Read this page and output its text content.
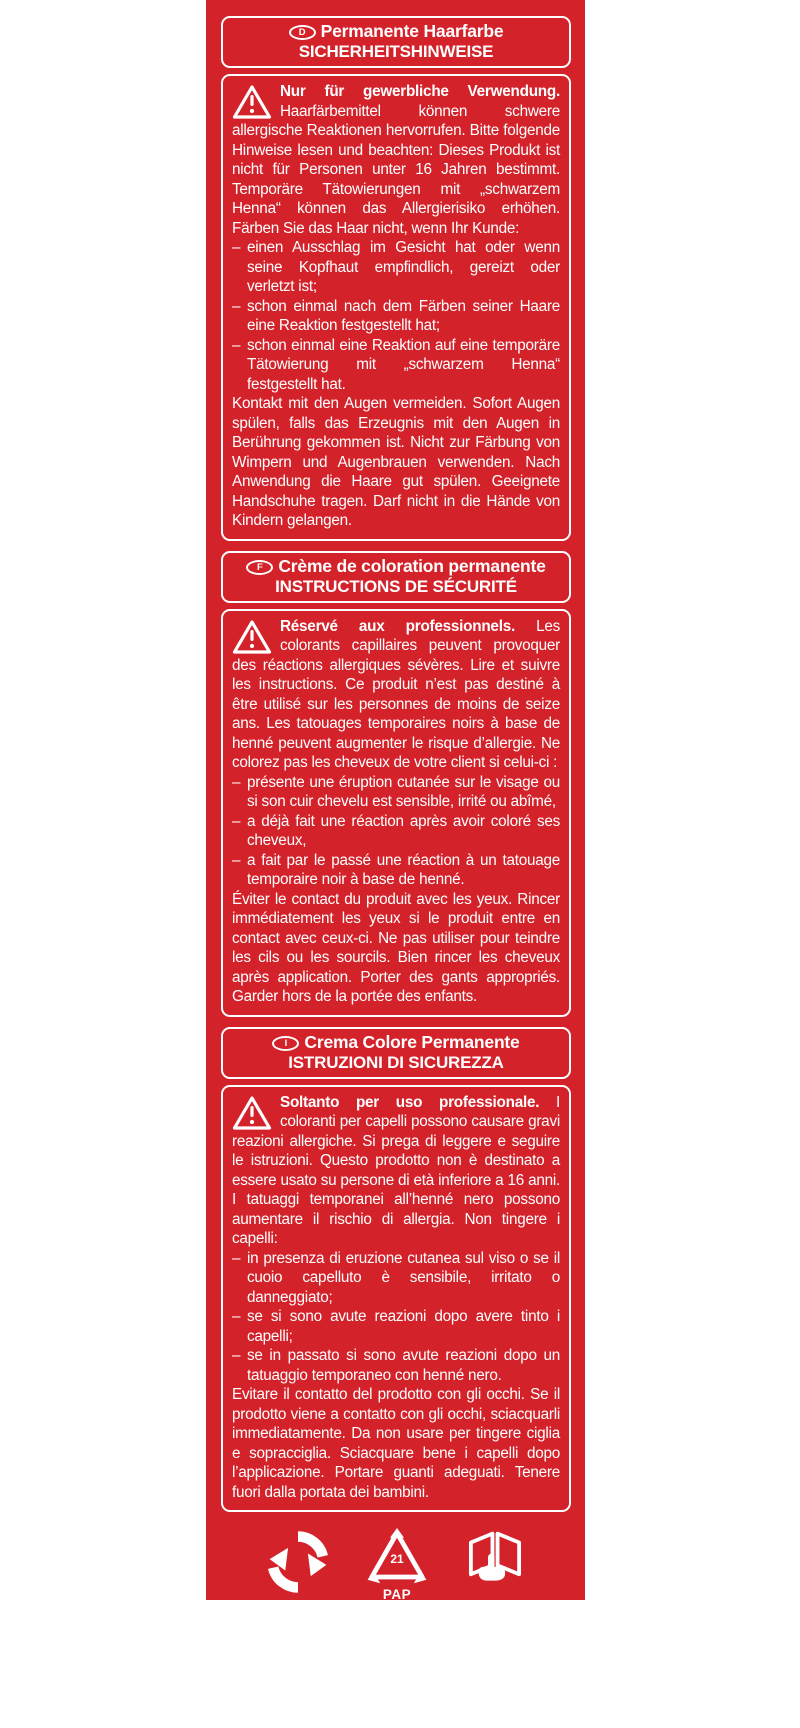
D Permanente Haarfarbe
SICHERHEITSHINWEISE
Nur für gewerbliche Verwendung. Haarfärbemittel können schwere allergische Reaktionen hervorrufen. Bitte folgende Hinweise lesen und beachten: Dieses Produkt ist nicht für Personen unter 16 Jahren bestimmt. Temporäre Tätowierungen mit „schwarzem Henna“ können das Allergierisiko erhöhen. Färben Sie das Haar nicht, wenn Ihr Kunde:
– einen Ausschlag im Gesicht hat oder wenn seine Kopfhaut empfindlich, gereizt oder verletzt ist;
– schon einmal nach dem Färben seiner Haare eine Reaktion festgestellt hat;
– schon einmal eine Reaktion auf eine temporäre Tätowierung mit „schwarzem Henna“ festgestellt hat.
Kontakt mit den Augen vermeiden. Sofort Augen spülen, falls das Erzeugnis mit den Augen in Berührung gekommen ist. Nicht zur Färbung von Wimpern und Augenbrauen verwenden. Nach Anwendung die Haare gut spülen. Geeignete Handschuhe tragen. Darf nicht in die Hände von Kindern gelangen.
F Crème de coloration permanente
INSTRUCTIONS DE SÉCURITÉ
Réservé aux professionnels. Les colorants capillaires peuvent provoquer des réactions allergiques sévères. Lire et suivre les instructions. Ce produit n’est pas destiné à être utilisé sur les personnes de moins de seize ans. Les tatouages temporaires noirs à base de henné peuvent augmenter le risque d’allergie. Ne colorez pas les cheveux de votre client si celui-ci :
– présente une éruption cutanée sur le visage ou si son cuir chevelu est sensible, irrité ou abîmé,
– a déjà fait une réaction après avoir coloré ses cheveux,
– a fait par le passé une réaction à un tatouage temporaire noir à base de henné.
Éviter le contact du produit avec les yeux. Rincer immédiatement les yeux si le produit entre en contact avec ceux-ci. Ne pas utiliser pour teindre les cils ou les sourcils. Bien rincer les cheveux après application. Porter des gants appropriés. Garder hors de la portée des enfants.
I Crema Colore Permanente
ISTRUZIONI DI SICUREZZA
Soltanto per uso professionale. I coloranti per capelli possono causare gravi reazioni allergiche. Si prega di leggere e seguire le istruzioni. Questo prodotto non è destinato a essere usato su persone di età inferiore a 16 anni. I tatuaggi temporanei all’henné nero possono aumentare il rischio di allergia. Non tingere i capelli:
– in presenza di eruzione cutanea sul viso o se il cuoio capelluto è sensibile, irritato o danneggiato;
– se si sono avute reazioni dopo avere tinto i capelli;
– se in passato si sono avute reazioni dopo un tatuaggio temporaneo con henné nero.
Evitare il contatto del prodotto con gli occhi. Se il prodotto viene a contatto con gli occhi, sciacquarli immediatamente. Da non usare per tingere ciglia e sopracciglia. Sciacquare bene i capelli dopo l’applicazione. Portare guanti adeguati. Tenere fuori dalla portata dei bambini.
21
PAP
Hans Schwarzkopf & Henkel GmbH,
Hohenzollernring 127–129,
22763 Hamburg, Germany
Made in Germany
www.schwarzkopf-professional.com
